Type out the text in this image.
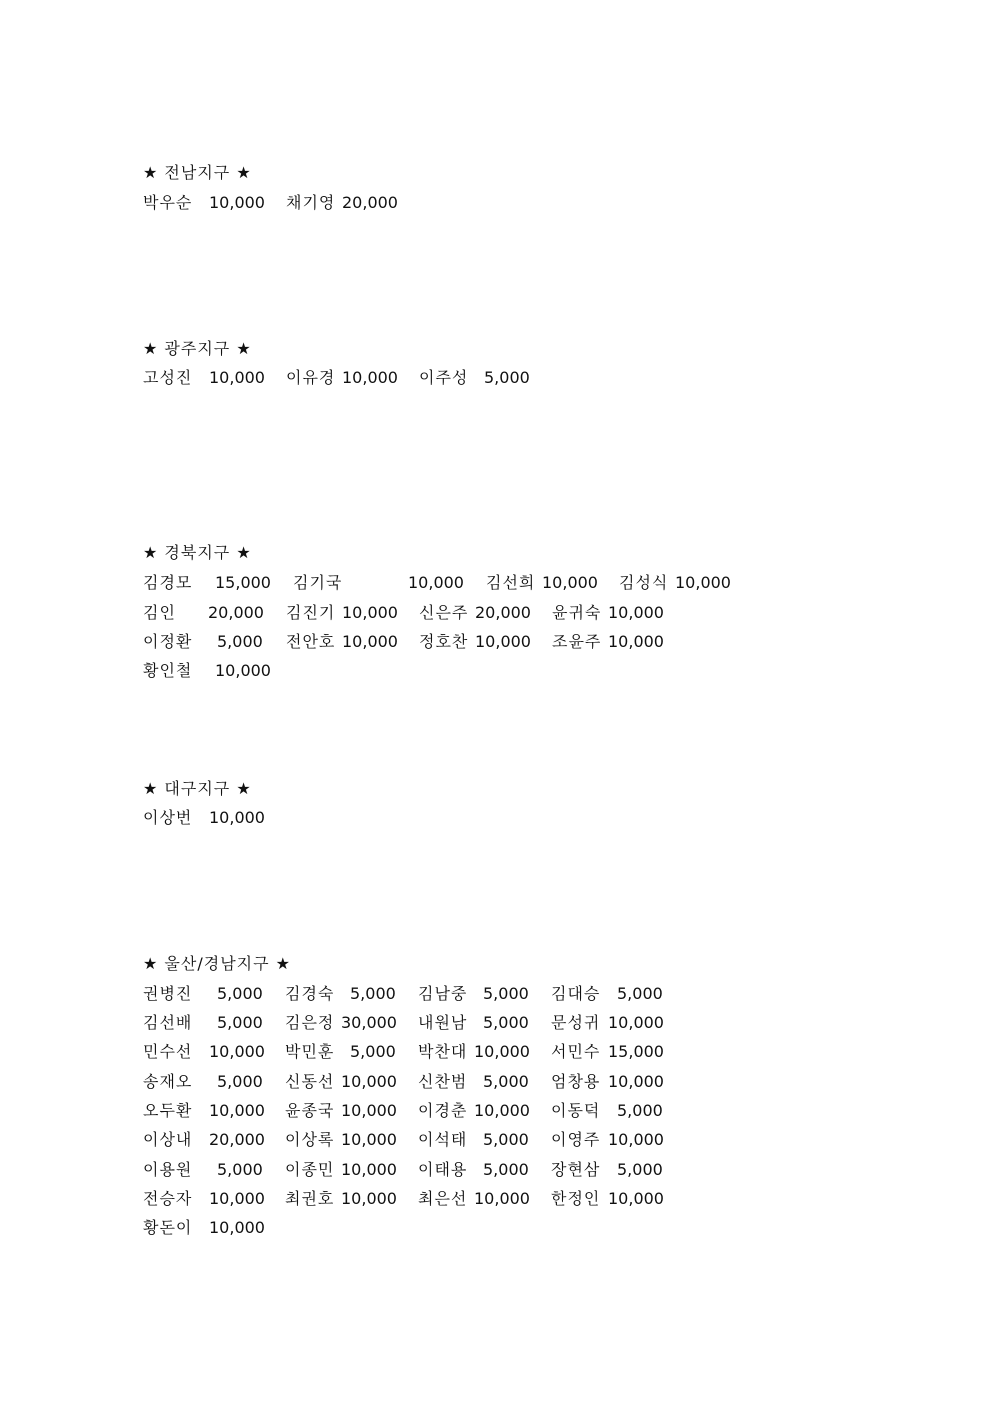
★ 전남지구 ★
박우순 10,000 채기영 20,000
★ 광주지구 ★
고성진 10,000 이유경 10,000 이주성 5,000
★ 경북지구 ★
김경모 15,000 김기국	10,000 김선희 10,000 김성식 10,000
김인 20,000 김진기 10,000 신은주 20,000 윤귀숙 10,000
이정환 5,000 전안호 10,000 정호찬 10,000 조윤주 10,000
황인철 10,000
★ 대구지구 ★
이상번 10,000
★ 울산/경남지구 ★
권병진 5,000 김경숙 5,000 김남중 5,000 김대승 5,000
김선배 5,000 김은정 30,000 내원남 5,000 문성귀 10,000
민수선 10,000 박민훈 5,000 박찬대 10,000 서민수 15,000
송재오 5,000 신동선 10,000 신찬범 5,000 엄창용 10,000
오두환 10,000 윤종국 10,000 이경춘 10,000 이동덕 5,000
이상내 20,000 이상록 10,000 이석태 5,000 이영주 10,000
이용원 5,000 이종민 10,000 이태용 5,000 장현삼 5,000
전승자 10,000 최권호 10,000 최은선 10,000 한정인 10,000
황돈이 10,000
